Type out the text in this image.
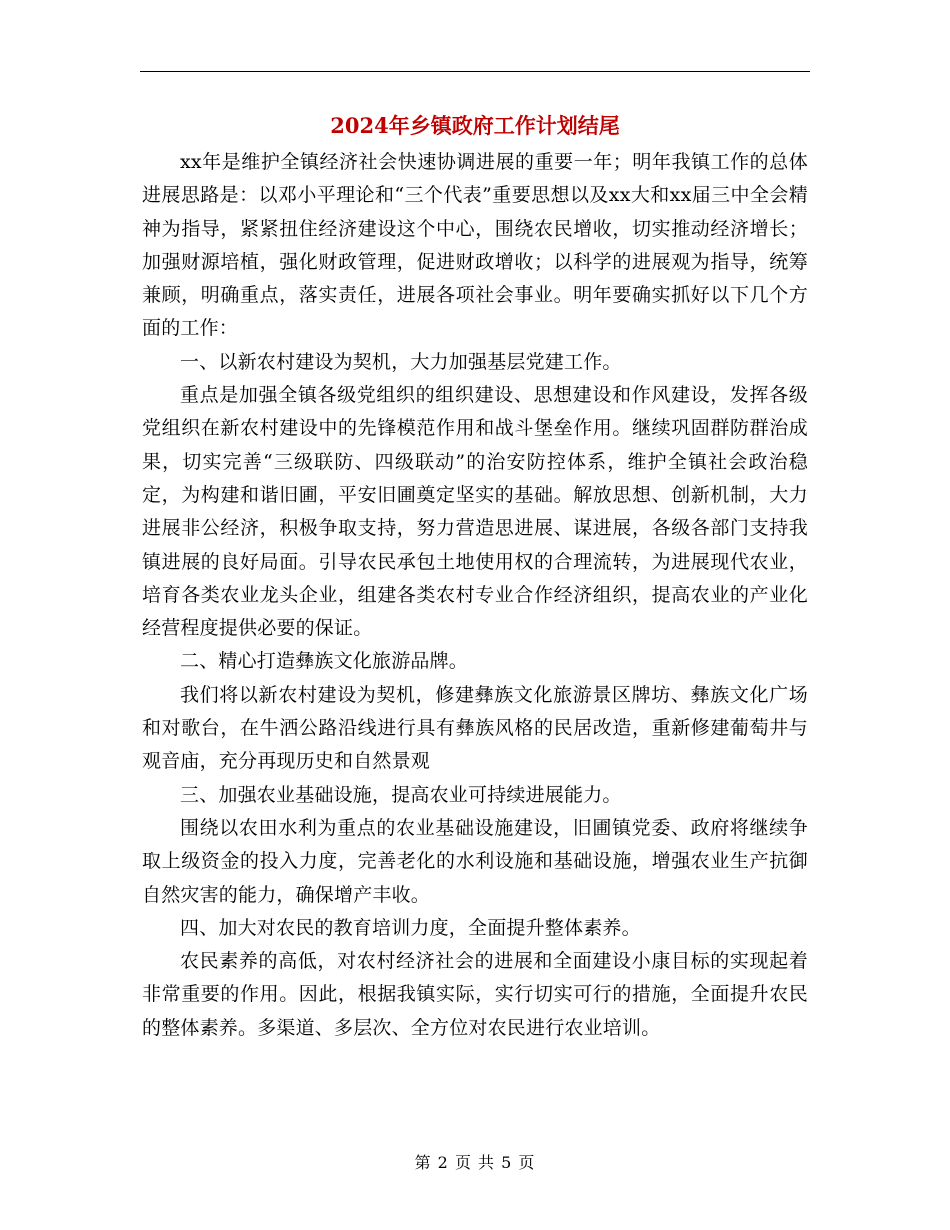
2024年乡镇政府工作计划结尾

xx年是维护全镇经济社会快速协调进展的重要一年；明年我镇工作的总体进展思路是：以邓小平理论和“三个代表”重要思想以及xx大和xx届三中全会精神为指导，紧紧扭住经济建设这个中心，围绕农民增收，切实推动经济增长；加强财源培植，强化财政管理，促进财政增收；以科学的进展观为指导，统筹兼顾，明确重点，落实责任，进展各项社会事业。明年要确实抓好以下几个方面的工作：

一、以新农村建设为契机，大力加强基层党建工作。

重点是加强全镇各级党组织的组织建设、思想建设和作风建设，发挥各级党组织在新农村建设中的先锋模范作用和战斗堡垒作用。继续巩固群防群治成果，切实完善“三级联防、四级联动”的治安防控体系，维护全镇社会政治稳定，为构建和谐旧圃，平安旧圃奠定坚实的基础。解放思想、创新机制，大力进展非公经济，积极争取支持，努力营造思进展、谋进展，各级各部门支持我镇进展的良好局面。引导农民承包土地使用权的合理流转，为进展现代农业，培育各类农业龙头企业，组建各类农村专业合作经济组织，提高农业的产业化经营程度提供必要的保证。

二、精心打造彝族文化旅游品牌。

我们将以新农村建设为契机，修建彝族文化旅游景区牌坊、彝族文化广场和对歌台，在牛洒公路沿线进行具有彝族风格的民居改造，重新修建葡萄井与观音庙，充分再现历史和自然景观

三、加强农业基础设施，提高农业可持续进展能力。

围绕以农田水利为重点的农业基础设施建设，旧圃镇党委、政府将继续争取上级资金的投入力度，完善老化的水利设施和基础设施，增强农业生产抗御自然灾害的能力，确保增产丰收。

四、加大对农民的教育培训力度，全面提升整体素养。

农民素养的高低，对农村经济社会的进展和全面建设小康目标的实现起着非常重要的作用。因此，根据我镇实际，实行切实可行的措施，全面提升农民的整体素养。多渠道、多层次、全方位对农民进行农业培训。

第 2 页 共 5 页
